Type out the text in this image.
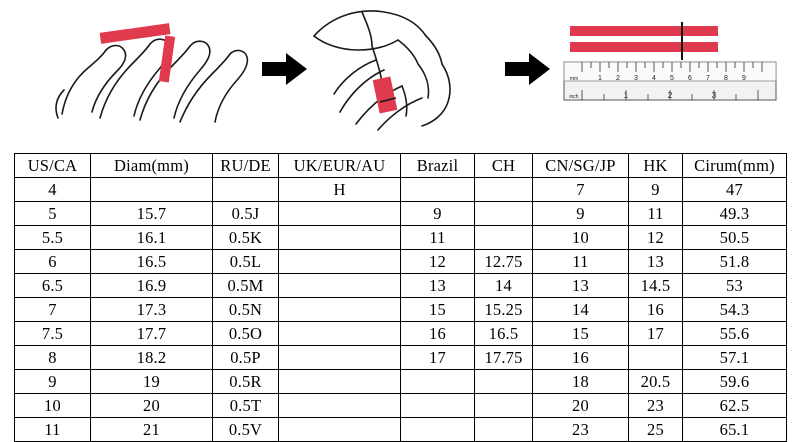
1 2 3 4 5 6 7 8 9
mm
1	2	3
inch
US/CA	Diam(mm)	RU/DE	UK/EUR/AU	Brazil	CH	CN/SG/JP	HK	Cirum(mm)
4			H			7	9	47
5	15.7	0.5J		9		9	11	49.3
5.5	16.1	0.5K		11		10	12	50.5
6	16.5	0.5L		12	12.75	11	13	51.8
6.5	16.9	0.5M		13	14	13	14.5	53
7	17.3	0.5N		15	15.25	14	16	54.3
7.5	17.7	0.5O		16	16.5	15	17	55.6
8	18.2	0.5P		17	17.75	16		57.1
9	19	0.5R				18	20.5	59.6
10	20	0.5T				20	23	62.5
11	21	0.5V				23	25	65.1
